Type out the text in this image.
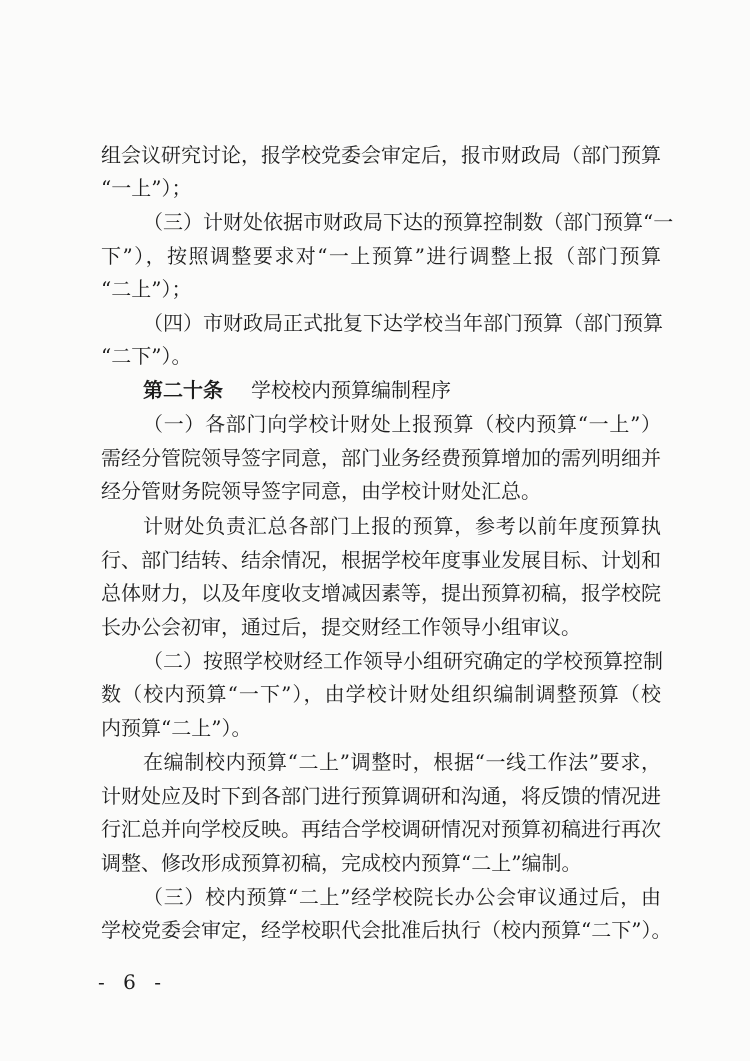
组会议研究讨论，报学校党委会审定后，报市财政局（部门预算
“一上”）；
（三）计财处依据市财政局下达的预算控制数（部门预算“一
下”），按照调整要求对“一上预算”进行调整上报（部门预算
“二上”）；
（四）市财政局正式批复下达学校当年部门预算（部门预算
“二下”）。
第二十条 学校校内预算编制程序
（一）各部门向学校计财处上报预算（校内预算“一上”）
需经分管院领导签字同意，部门业务经费预算增加的需列明细并
经分管财务院领导签字同意，由学校计财处汇总。
计财处负责汇总各部门上报的预算，参考以前年度预算执
行、部门结转、结余情况，根据学校年度事业发展目标、计划和
总体财力，以及年度收支增减因素等，提出预算初稿，报学校院
长办公会初审，通过后，提交财经工作领导小组审议。
（二）按照学校财经工作领导小组研究确定的学校预算控制
数（校内预算“一下”），由学校计财处组织编制调整预算（校
内预算“二上”）。
在编制校内预算“二上”调整时，根据“一线工作法”要求，
计财处应及时下到各部门进行预算调研和沟通，将反馈的情况进
行汇总并向学校反映。再结合学校调研情况对预算初稿进行再次
调整、修改形成预算初稿，完成校内预算“二上”编制。
（三）校内预算“二上”经学校院长办公会审议通过后，由
学校党委会审定，经学校职代会批准后执行（校内预算“二下”）。
- 6 -
